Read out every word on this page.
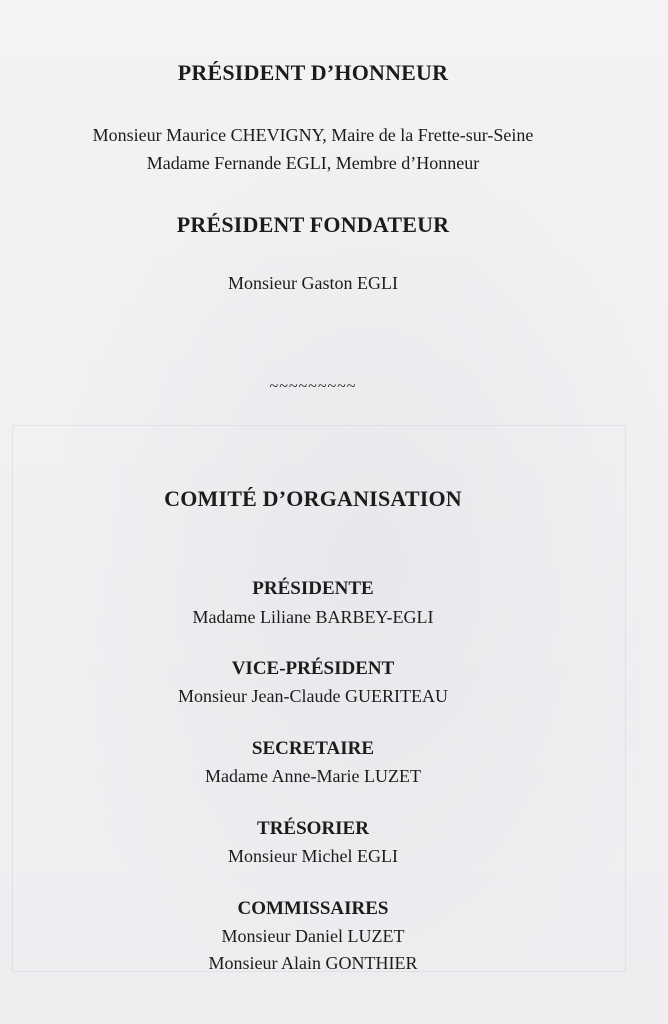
PRÉSIDENT D’HONNEUR
Monsieur Maurice CHEVIGNY, Maire de la Frette-sur-Seine
Madame Fernande EGLI, Membre d’Honneur
PRÉSIDENT FONDATEUR
Monsieur Gaston EGLI
~~~~~~~~~
COMITÉ D’ORGANISATION
PRÉSIDENTE
Madame Liliane BARBEY-EGLI
VICE-PRÉSIDENT
Monsieur Jean-Claude GUERITEAU
SECRETAIRE
Madame Anne-Marie LUZET
TRÉSORIER
Monsieur Michel EGLI
COMMISSAIRES
Monsieur Daniel LUZET
Monsieur Alain GONTHIER
